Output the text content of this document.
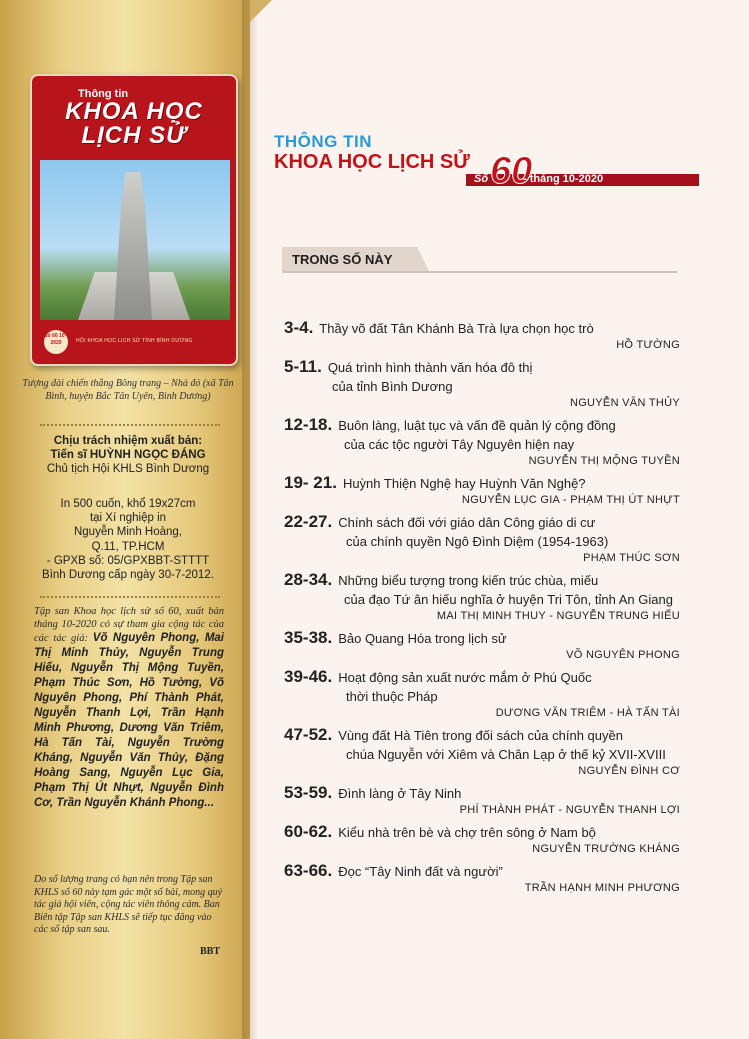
Thông tin
KHOA HỌC
LỊCH SỬ
Số 60 10 - 2020	HỘI KHOA HỌC LỊCH SỬ TỈNH BÌNH DƯƠNG
Tượng đài chiến thắng Bông trang – Nhà đỏ (xã Tân Bình, huyện Bắc Tân Uyên, Bình Dương)
Chịu trách nhiệm xuất bản:
Tiến sĩ HUỲNH NGỌC ĐÁNG
Chủ tịch Hội KHLS Bình Dương
In 500 cuốn, khổ 19x27cm
tại Xí nghiệp in
Nguyễn Minh Hoàng,
Q.11, TP.HCM
- GPXB số: 05/GPXBBT-STTTT
Bình Dương cấp ngày 30-7-2012.
Tập san Khoa học lịch sử số 60, xuất bản tháng 10-2020 có sự tham gia cộng tác của các tác giả: Võ Nguyên Phong, Mai Thị Minh Thủy, Nguyễn Trung Hiếu, Nguyễn Thị Mộng Tuyền, Phạm Thúc Sơn, Hồ Tường, Võ Nguyên Phong, Phí Thành Phát, Nguyễn Thanh Lợi, Trần Hạnh Minh Phương, Dương Văn Triêm, Hà Tấn Tài, Nguyễn Trường Kháng, Nguyễn Văn Thủy, Đặng Hoàng Sang, Nguyễn Lục Gia, Phạm Thị Út Nhựt, Nguyễn Đình Cơ, Trần Nguyễn Khánh Phong...
Do số lượng trang có hạn nên trong Tập san KHLS số 60 này tạm gác một số bài, mong quý tác giả hội viên, cộng tác viên thông cảm. Ban Biên tập Tập san KHLS sẽ tiếp tục đăng vào các số tập san sau.
BBT
THÔNG TIN
KHOA HỌC LỊCH SỬ
Số 60
- tháng 10-2020
TRONG SỐ NÀY
3-4. Thầy võ đất Tân Khánh Bà Trà lựa chọn học trò
HỒ TƯỜNG
5-11. Quá trình hình thành văn hóa đô thị
của tỉnh Bình Dương
NGUYỄN VĂN THỦY
12-18. Buôn làng, luật tục và vấn đề quản lý cộng đồng
của các tộc người Tây Nguyên hiện nay
NGUYỄN THỊ MỘNG TUYỀN
19- 21. Huỳnh Thiện Nghệ hay Huỳnh Văn Nghệ?
NGUYỄN LỤC GIA - PHẠM THỊ ÚT NHỰT
22-27. Chính sách đối với giáo dân Công giáo di cư
của chính quyền Ngô Đình Diệm (1954-1963)
PHẠM THÚC SƠN
28-34. Những biểu tượng trong kiến trúc chùa, miếu
của đạo Tứ ân hiếu nghĩa ở huyện Tri Tôn, tỉnh An Giang
MAI THỊ MINH THUY - NGUYỄN TRUNG HIẾU
35-38. Bảo Quang Hóa trong lịch sử
VÕ NGUYÊN PHONG
39-46. Hoạt động sản xuất nước mắm ở Phú Quốc
thời thuộc Pháp
DƯƠNG VĂN TRIÊM - HÀ TẤN TÀI
47-52. Vùng đất Hà Tiên trong đối sách của chính quyền
chúa Nguyễn với Xiêm và Chân Lạp ở thế kỷ XVII-XVIII
NGUYỄN ĐÌNH CƠ
53-59. Đình làng ở Tây Ninh
PHÍ THÀNH PHÁT - NGUYỄN THANH LỢI
60-62. Kiểu nhà trên bè và chợ trên sông ở Nam bộ
NGUYỄN TRƯỜNG KHÁNG
63-66. Đọc “Tây Ninh đất và người”
TRẦN HẠNH MINH PHƯƠNG
